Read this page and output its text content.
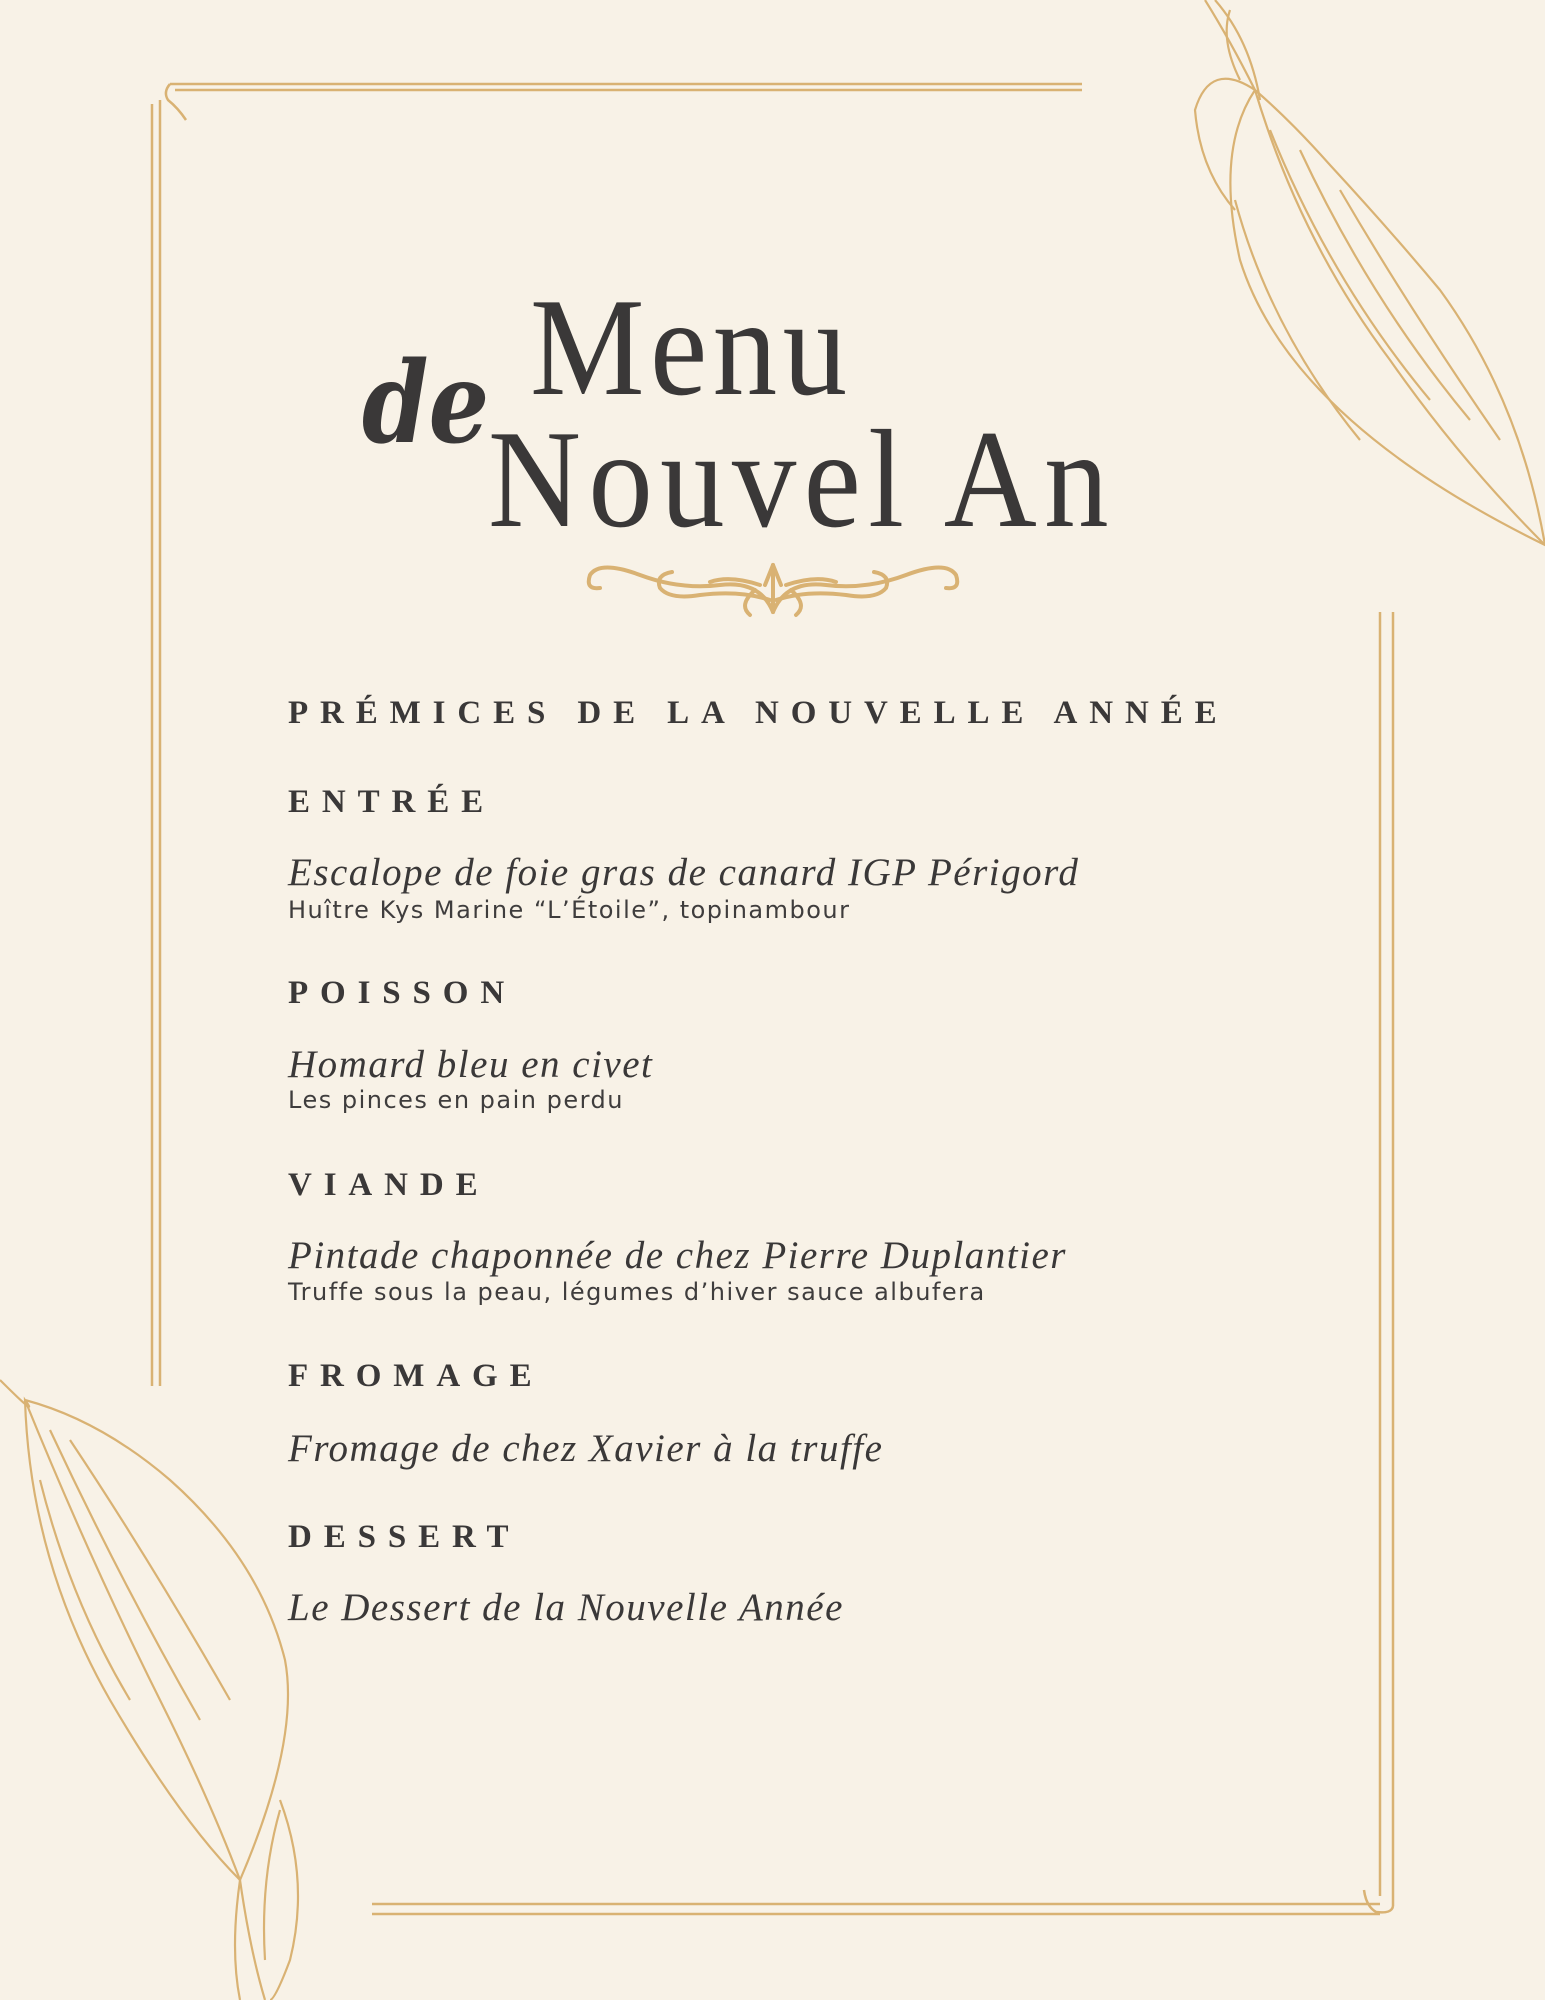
Menu
de
Nouvel An
PRÉMICES DE LA NOUVELLE ANNÉE
ENTRÉE
Escalope de foie gras de canard IGP Périgord
Huître Kys Marine “L’Étoile”, topinambour
POISSON
Homard bleu en civet
Les pinces en pain perdu
VIANDE
Pintade chaponnée de chez Pierre Duplantier
Truffe sous la peau, légumes d’hiver sauce albufera
FROMAGE
Fromage de chez Xavier à la truffe
DESSERT
Le Dessert de la Nouvelle Année
